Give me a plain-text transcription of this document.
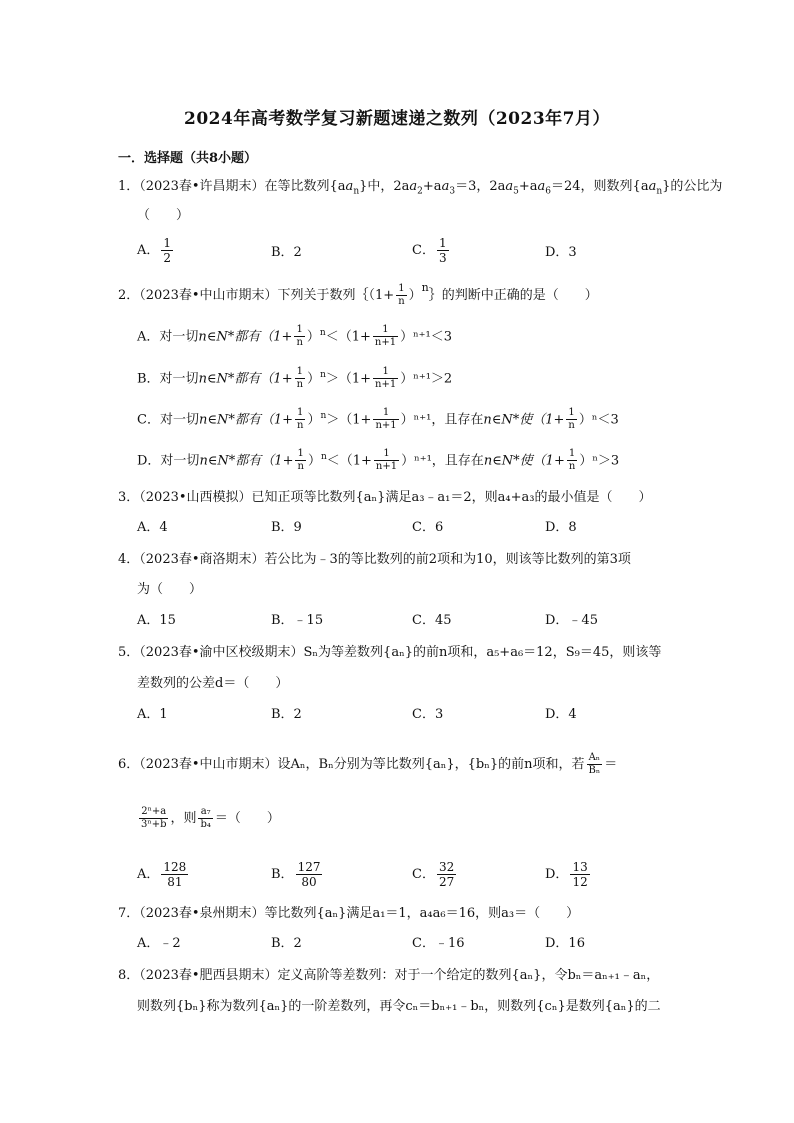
2024年高考数学复习新题速递之数列（2023年7月）
一．选择题（共8小题）
1．（2023春•许昌期末）在等比数列$\{aa_n\}$中，$2aa_2+aa_3=3$，$2aa_5+aa_6=24$，则数列$\{aa_n\}$的公比为
（　　）
A． $\frac{1}{2}$	B．2	C． $\frac{1}{3}$	D．3
2．（2023春•中山市期末）下列关于数列｛（1+ $\frac{1}{n}$ ）$^n$｝的判断中正确的是（　　）
A．对一切n∈N*都有$(1+ \frac{1}{n} )^n<(1+ \frac{1}{n+1} )^{n+1}<3$
B．对一切n∈N*都有$(1+ \frac{1}{n} )^n>(1+ \frac{1}{n+1} )^{n+1}>2$
C．对一切n∈N*都有$(1+ \frac{1}{n} )^n>(1+ \frac{1}{n+1} )^{n+1}$，且存在n∈N*使$(1+ \frac{1}{n} )^n<3$
D．对一切n∈N*都有$(1+ \frac{1}{n} )^n<(1+ \frac{1}{n+1} )^{n+1}$，且存在n∈N*使$(1+ \frac{1}{n} )^n>3$
3．（2023•山西模拟）已知正项等比数列{aₙ}满足a₃﹣a₁＝2，则a₄+a₃的最小值是（　　）
A．4	B．9	C．6	D．8
4．（2023春•商洛期末）若公比为﹣3的等比数列的前2项和为10，则该等比数列的第3项
为（　　）
A．15	B．﹣15	C．45	D．﹣45
5．（2023春•渝中区校级期末）Sₙ为等差数列{aₙ}的前n项和，a₅+a₆＝12，S₉＝45，则该等
差数列的公差d＝（　　）
A．1	B．2	C．3	D．4
6．（2023春•中山市期末）设Aₙ，Bₙ分别为等比数列{aₙ}，{bₙ}的前n项和，若 $\frac{\text{Aₙ}}{\text{Bₙ}}$ ＝
$\frac{\text{2ⁿ+a}}{\text{3ⁿ+b}}$ ，则 $\frac{\text{a₇}}{\text{b₄}}$ ＝（　　）
A． $\frac{128}{81}$	B． $\frac{127}{80}$	C． $\frac{32}{27}$	D． $\frac{13}{12}$
7．（2023春•泉州期末）等比数列{aₙ}满足a₁＝1，a₄a₆＝16，则a₃＝（　　）
A．﹣2	B．2	C．﹣16	D．16
8．（2023春•肥西县期末）定义高阶等差数列：对于一个给定的数列{aₙ}，令bₙ＝aₙ₊₁﹣aₙ，
则数列{bₙ}称为数列{aₙ}的一阶差数列，再令cₙ＝bₙ₊₁﹣bₙ，则数列{cₙ}是数列{aₙ}的二
